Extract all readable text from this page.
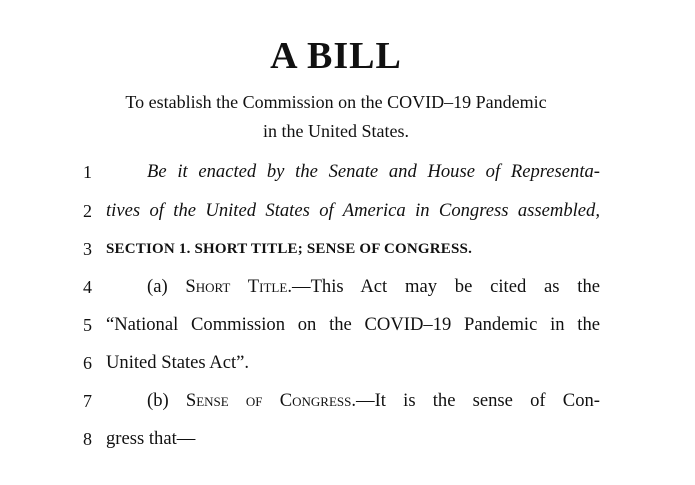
A BILL

To establish the Commission on the COVID–19 Pandemic
in the United States.

1	Be it enacted by the Senate and House of Representa-
2 tives of the United States of America in Congress assembled,
3 SECTION 1. SHORT TITLE; SENSE OF CONGRESS.
4	(a) Short Title.—This Act may be cited as the
5 “National Commission on the COVID–19 Pandemic in the
6 United States Act”.
7	(b) Sense of Congress.—It is the sense of Con-
8 gress that—
